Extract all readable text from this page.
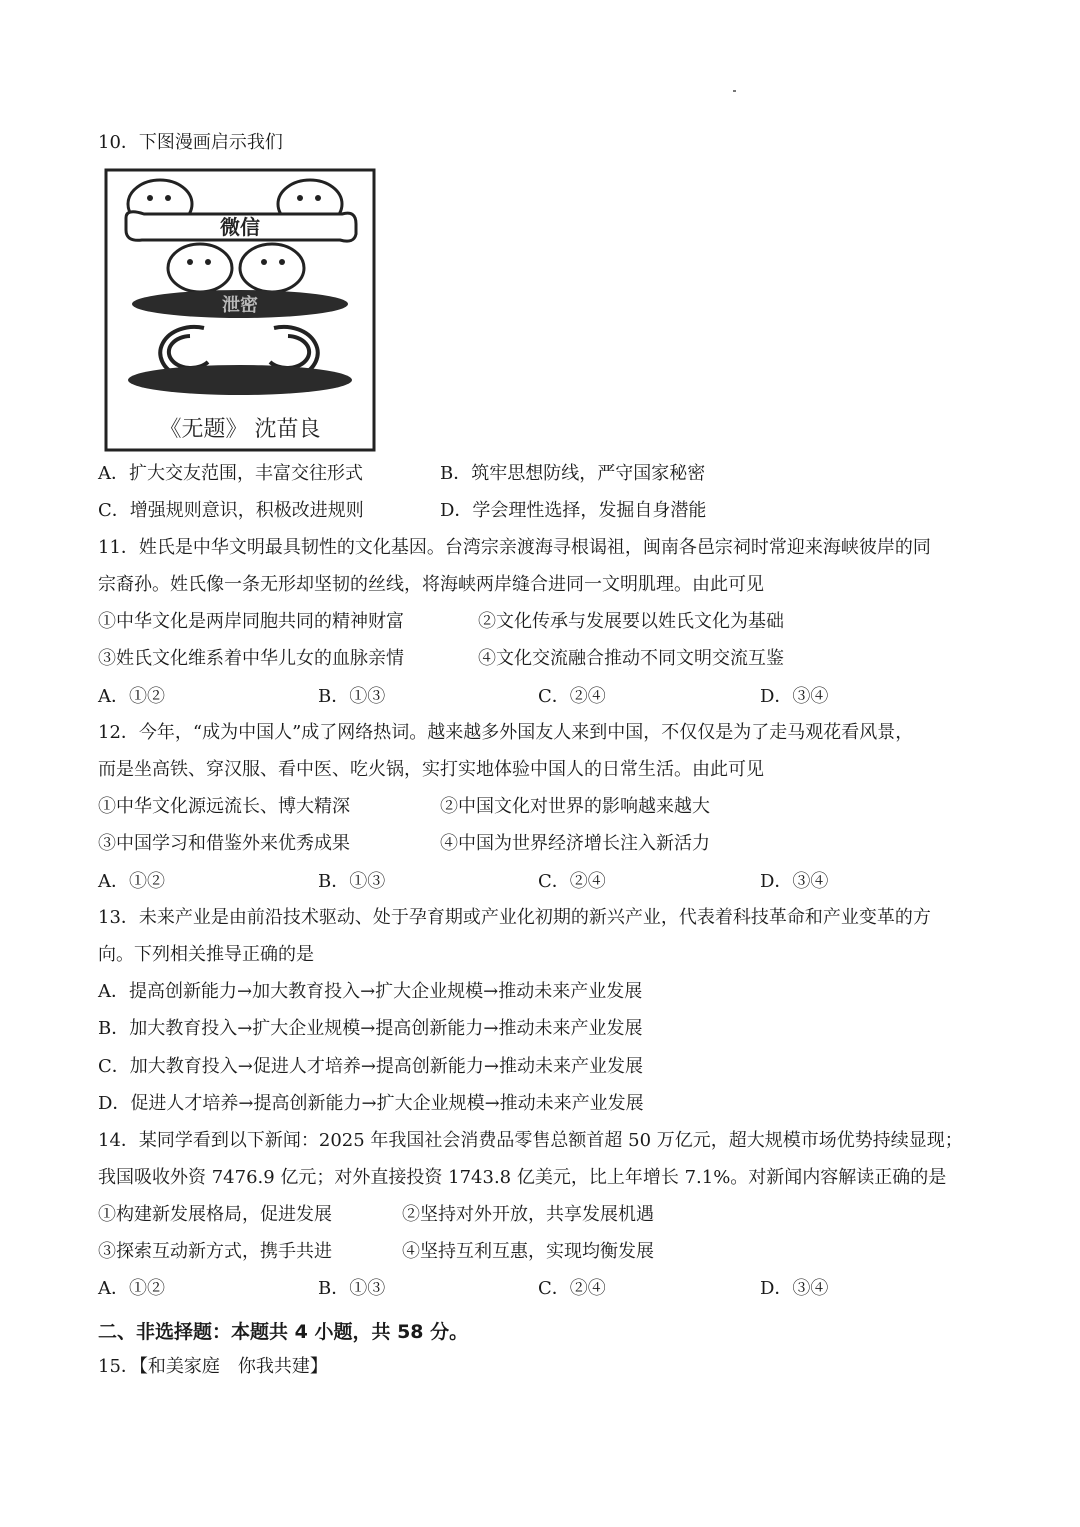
10．下图漫画启示我们
微信
泄密
《无题》 沈苗良
A．扩大交友范围，丰富交往形式	B．筑牢思想防线，严守国家秘密
C．增强规则意识，积极改进规则	D．学会理性选择，发掘自身潜能
11．姓氏是中华文明最具韧性的文化基因。台湾宗亲渡海寻根谒祖，闽南各邑宗祠时常迎来海峡彼岸的同
宗裔孙。姓氏像一条无形却坚韧的丝线，将海峡两岸缝合进同一文明肌理。由此可见
①中华文化是两岸同胞共同的精神财富	②文化传承与发展要以姓氏文化为基础
③姓氏文化维系着中华儿女的血脉亲情	④文化交流融合推动不同文明交流互鉴
A．①②	B．①③	C．②④	D．③④
12．今年，“成为中国人”成了网络热词。越来越多外国友人来到中国，不仅仅是为了走马观花看风景，
而是坐高铁、穿汉服、看中医、吃火锅，实打实地体验中国人的日常生活。由此可见
①中华文化源远流长、博大精深	②中国文化对世界的影响越来越大
③中国学习和借鉴外来优秀成果	④中国为世界经济增长注入新活力
A．①②	B．①③	C．②④	D．③④
13．未来产业是由前沿技术驱动、处于孕育期或产业化初期的新兴产业，代表着科技革命和产业变革的方
向。下列相关推导正确的是
A．提高创新能力→加大教育投入→扩大企业规模→推动未来产业发展
B．加大教育投入→扩大企业规模→提高创新能力→推动未来产业发展
C．加大教育投入→促进人才培养→提高创新能力→推动未来产业发展
D．促进人才培养→提高创新能力→扩大企业规模→推动未来产业发展
14．某同学看到以下新闻：2025 年我国社会消费品零售总额首超 50 万亿元，超大规模市场优势持续显现；
我国吸收外资 7476.9 亿元；对外直接投资 1743.8 亿美元，比上年增长 7.1%。对新闻内容解读正确的是
①构建新发展格局，促进发展	②坚持对外开放，共享发展机遇
③探索互动新方式，携手共进	④坚持互利互惠，实现均衡发展
A．①②	B．①③	C．②④	D．③④
二、非选择题：本题共 4 小题，共 58 分。
15．【和美家庭　你我共建】
